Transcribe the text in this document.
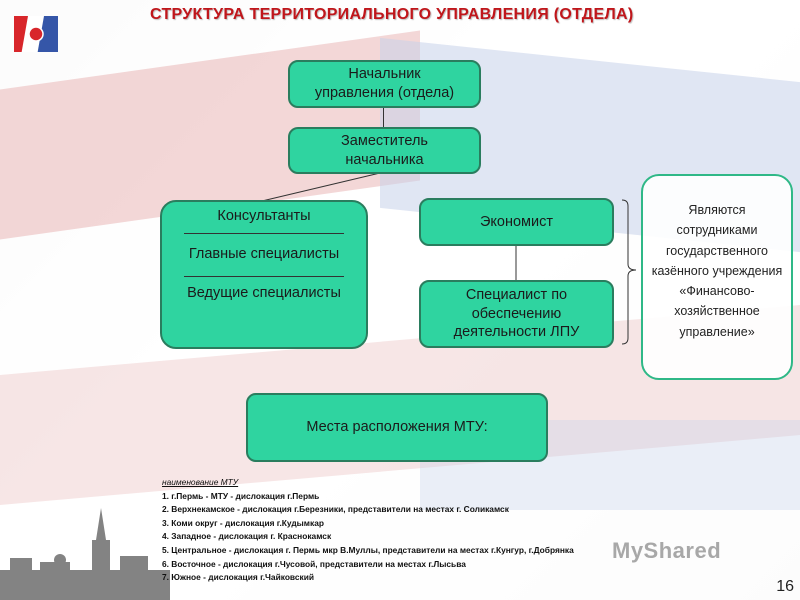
СТРУКТУРА ТЕРРИТОРИАЛЬНОГО УПРАВЛЕНИЯ (ОТДЕЛА)
Начальник управления (отдела)
Заместитель начальника
Консультанты
Главные специалисты
Ведущие специалисты
Экономист
Специалист по обеспечению деятельности ЛПУ
Являются сотрудниками государственного казённого учреждения «Финансово-хозяйственное управление»
Места расположения МТУ:
наименование МТУ
1. г.Пермь - МТУ - дислокация г.Пермь
2. Верхнекамское - дислокация г.Березники, представители на местах г. Соликамск
3. Коми округ - дислокация г.Кудымкар
4. Западное - дислокация г. Краснокамск
5. Центральное - дислокация г. Пермь мкр В.Муллы, представители на местах г.Кунгур, г.Добрянка
6. Восточное - дислокация г.Чусовой, представители на местах г.Лысьва
7. Южное - дислокация г.Чайковский
MyShared
16
